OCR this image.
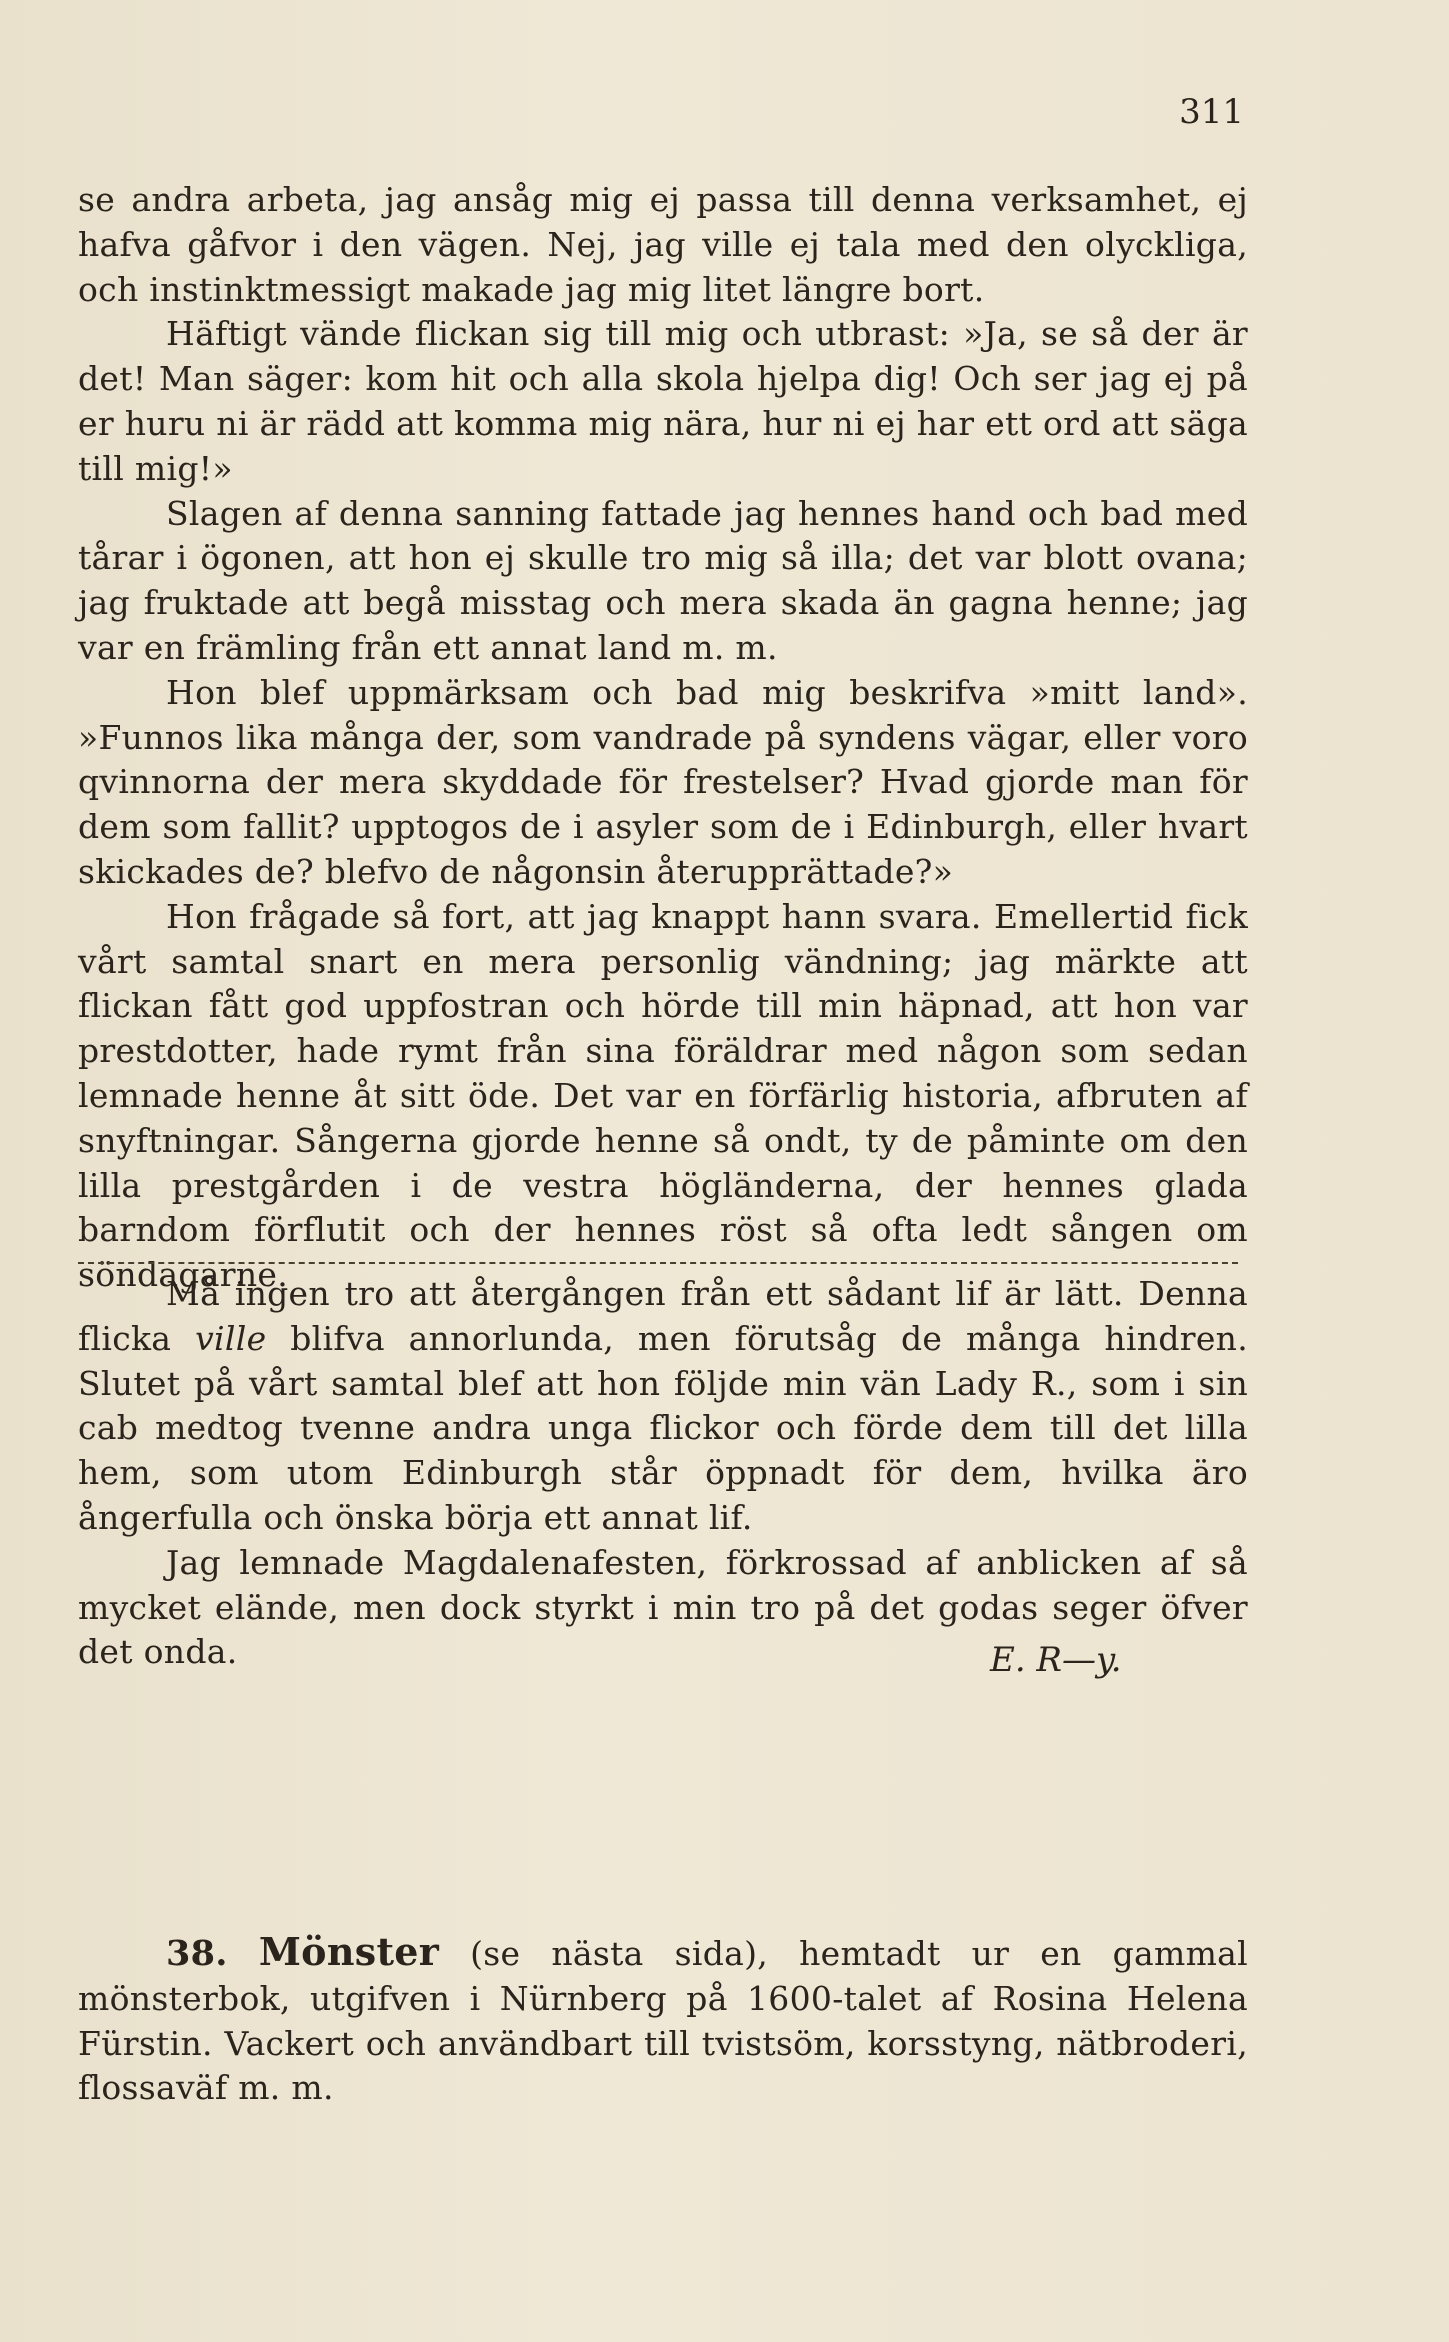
311

se andra arbeta, jag ansåg mig ej passa till denna verksamhet, ej hafva gåfvor i den vägen. Nej, jag ville ej tala med den olyckliga, och instinktmessigt makade jag mig litet längre bort.

Häftigt vände flickan sig till mig och utbrast: »Ja, se så der är det! Man säger: kom hit och alla skola hjelpa dig! Och ser jag ej på er huru ni är rädd att komma mig nära, hur ni ej har ett ord att säga till mig!»

Slagen af denna sanning fattade jag hennes hand och bad med tårar i ögonen, att hon ej skulle tro mig så illa; det var blott ovana; jag fruktade att begå misstag och mera skada än gagna henne; jag var en främling från ett annat land m. m.

Hon blef uppmärksam och bad mig beskrifva »mitt land». »Funnos lika många der, som vandrade på syndens vägar, eller voro qvinnorna der mera skyddade för frestelser? Hvad gjorde man för dem som fallit? upptogos de i asyler som de i Edinburgh, eller hvart skickades de? blefvo de någonsin återupprättade?»

Hon frågade så fort, att jag knappt hann svara. Emellertid fick vårt samtal snart en mera personlig vändning; jag märkte att flickan fått god uppfostran och hörde till min häpnad, att hon var prestdotter, hade rymt från sina föräldrar med någon som sedan lemnade henne åt sitt öde. Det var en förfärlig historia, afbruten af snyftningar. Sångerna gjorde henne så ondt, ty de påminte om den lilla prestgården i de vestra högländerna, der hennes glada barndom förflutit och der hennes röst så ofta ledt sången om söndagarne.

Må ingen tro att återgången från ett sådant lif är lätt. Denna flicka ville blifva annorlunda, men förutsåg de många hindren. Slutet på vårt samtal blef att hon följde min vän Lady R., som i sin cab medtog tvenne andra unga flickor och förde dem till det lilla hem, som utom Edinburgh står öppnadt för dem, hvilka äro ångerfulla och önska börja ett annat lif.

Jag lemnade Magdalenafesten, förkrossad af anblicken af så mycket elände, men dock styrkt i min tro på det godas seger öfver det onda.	E. R—y.

38. Mönster (se nästa sida), hemtadt ur en gammal mönsterbok, utgifven i Nürnberg på 1600-talet af Rosina Helena Fürstin. Vackert och användbart till tvistsöm, korsstyng, nätbroderi, flossaväf m. m.
